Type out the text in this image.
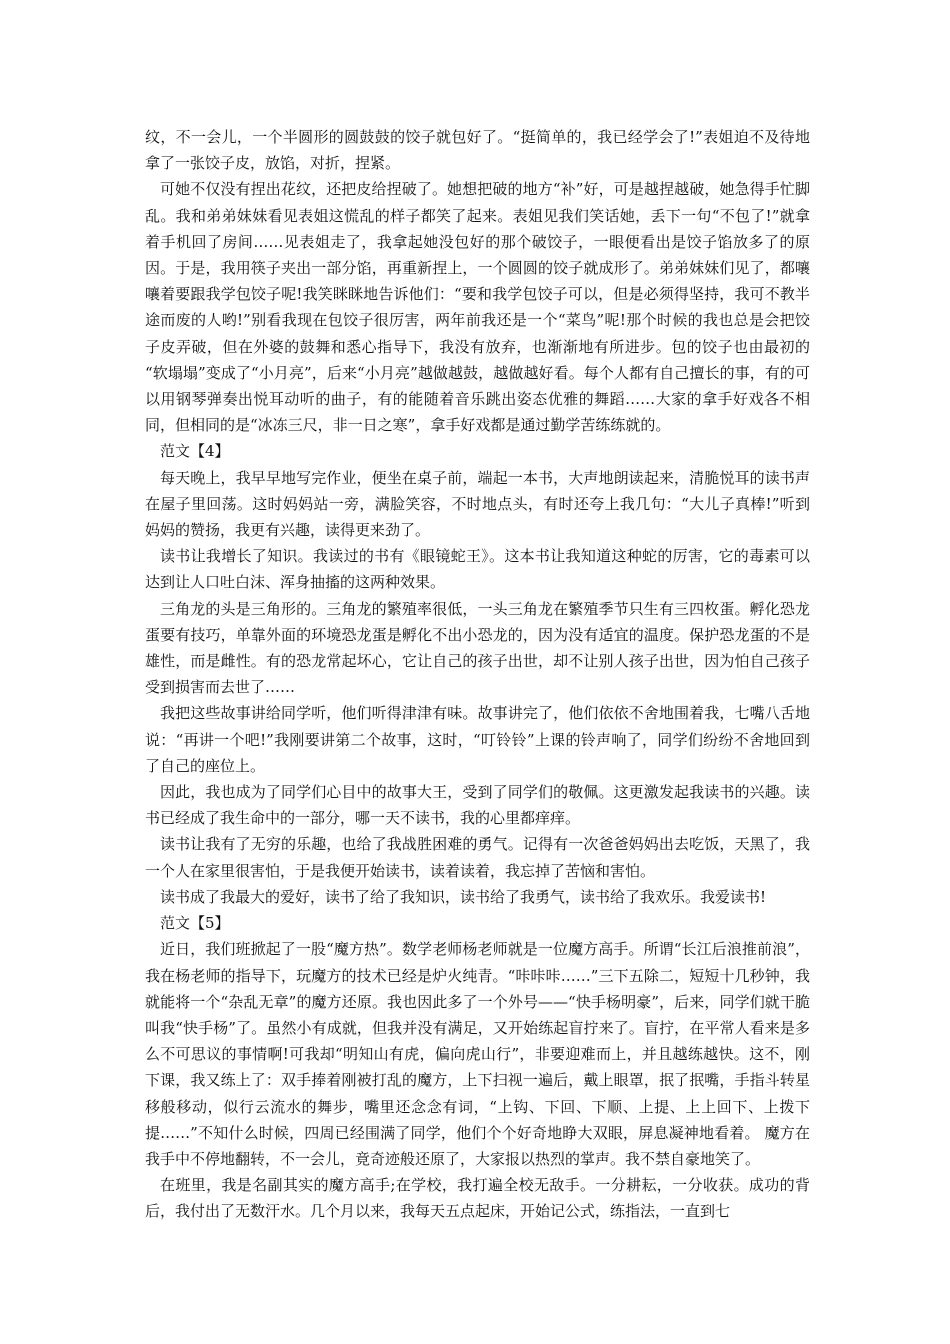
纹，不一会儿，一个半圆形的圆鼓鼓的饺子就包好了。“挺简单的，我已经学会了!”表姐迫不及待地拿了一张饺子皮，放馅，对折，捏紧。

可她不仅没有捏出花纹，还把皮给捏破了。她想把破的地方“补”好，可是越捏越破，她急得手忙脚乱。我和弟弟妹妹看见表姐这慌乱的样子都笑了起来。表姐见我们笑话她，丢下一句“不包了!”就拿着手机回了房间……见表姐走了，我拿起她没包好的那个破饺子，一眼便看出是饺子馅放多了的原因。于是，我用筷子夹出一部分馅，再重新捏上，一个圆圆的饺子就成形了。弟弟妹妹们见了，都嚷嚷着要跟我学包饺子呢!我笑眯眯地告诉他们：“要和我学包饺子可以，但是必须得坚持，我可不教半途而废的人哟!”别看我现在包饺子很厉害，两年前我还是一个“菜鸟”呢!那个时候的我也总是会把饺子皮弄破，但在外婆的鼓舞和悉心指导下，我没有放弃，也渐渐地有所进步。包的饺子也由最初的 “软塌塌”变成了“小月亮”，后来“小月亮”越做越鼓，越做越好看。每个人都有自己擅长的事，有的可以用钢琴弹奏出悦耳动听的曲子，有的能随着音乐跳出姿态优雅的舞蹈……大家的拿手好戏各不相同，但相同的是“冰冻三尺，非一日之寒”，拿手好戏都是通过勤学苦练练就的。

范文【4】

每天晚上，我早早地写完作业，便坐在桌子前，端起一本书，大声地朗读起来，清脆悦耳的读书声在屋子里回荡。这时妈妈站一旁，满脸笑容，不时地点头，有时还夸上我几句：“大儿子真棒!”听到妈妈的赞扬，我更有兴趣，读得更来劲了。

读书让我增长了知识。我读过的书有《眼镜蛇王》。这本书让我知道这种蛇的厉害，它的毒素可以达到让人口吐白沫、浑身抽搐的这两种效果。

三角龙的头是三角形的。三角龙的繁殖率很低，一头三角龙在繁殖季节只生有三四枚蛋。孵化恐龙蛋要有技巧，单靠外面的环境恐龙蛋是孵化不出小恐龙的，因为没有适宜的温度。保护恐龙蛋的不是雄性，而是雌性。有的恐龙常起坏心，它让自己的孩子出世，却不让别人孩子出世，因为怕自己孩子受到损害而去世了……

我把这些故事讲给同学听，他们听得津津有味。故事讲完了，他们依依不舍地围着我，七嘴八舌地说：“再讲一个吧!”我刚要讲第二个故事，这时，“叮铃铃”上课的铃声响了，同学们纷纷不舍地回到了自己的座位上。

因此，我也成为了同学们心目中的故事大王，受到了同学们的敬佩。这更激发起我读书的兴趣。读书已经成了我生命中的一部分，哪一天不读书，我的心里都痒痒。

读书让我有了无穷的乐趣，也给了我战胜困难的勇气。记得有一次爸爸妈妈出去吃饭，天黑了，我一个人在家里很害怕，于是我便开始读书，读着读着，我忘掉了苦恼和害怕。

读书成了我最大的爱好，读书了给了我知识，读书给了我勇气，读书给了我欢乐。我爱读书!

范文【5】

近日，我们班掀起了一股“魔方热”。数学老师杨老师就是一位魔方高手。所谓“长江后浪推前浪”，我在杨老师的指导下，玩魔方的技术已经是炉火纯青。“咔咔咔……”三下五除二，短短十几秒钟，我就能将一个“杂乱无章”的魔方还原。我也因此多了一个外号——“快手杨明豪”，后来，同学们就干脆叫我“快手杨”了。虽然小有成就，但我并没有满足，又开始练起盲拧来了。盲拧，在平常人看来是多么不可思议的事情啊!可我却“明知山有虎，偏向虎山行”，非要迎难而上，并且越练越快。这不，刚下课，我又练上了：双手捧着刚被打乱的魔方，上下扫视一遍后，戴上眼罩，抿了抿嘴，手指斗转星移般移动，似行云流水的舞步，嘴里还念念有词，“上钩、下回、下顺、上提、上上回下、上拨下提……”不知什么时候，四周已经围满了同学，他们个个好奇地睁大双眼，屏息凝神地看着。 魔方在我手中不停地翻转，不一会儿，竟奇迹般还原了，大家报以热烈的掌声。我不禁自豪地笑了。

在班里，我是名副其实的魔方高手;在学校，我打遍全校无敌手。一分耕耘，一分收获。成功的背后，我付出了无数汗水。几个月以来，我每天五点起床，开始记公式，练指法，一直到七
